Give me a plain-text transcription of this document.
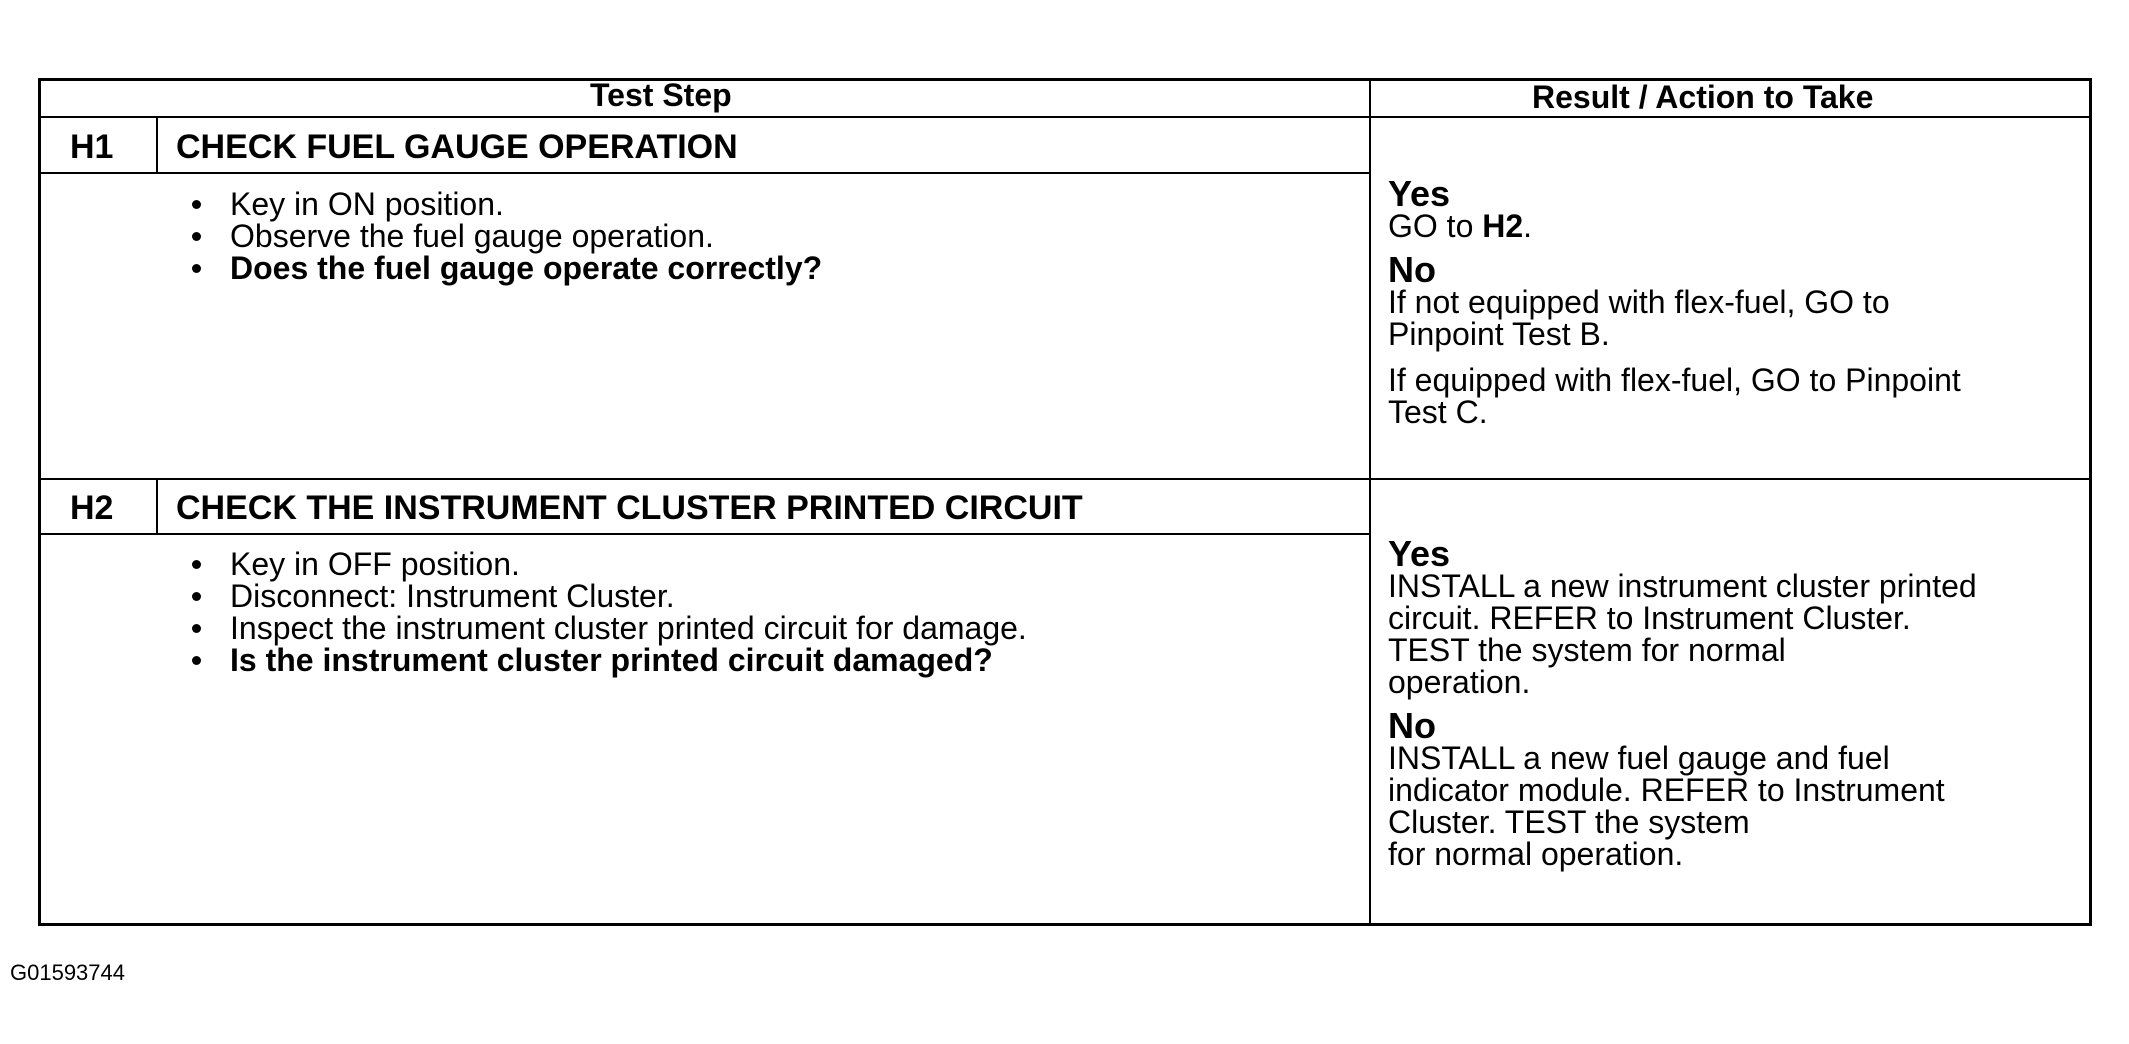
Test Step	Result / Action to Take
H1 CHECK FUEL GAUGE OPERATION
Key in ON position.
Observe the fuel gauge operation.
Does the fuel gauge operate correctly?

Yes

GO to H2.

No

If not equipped with flex-fuel, GO to

Pinpoint Test B.

If equipped with flex-fuel, GO to Pinpoint

Test C.

H2 CHECK THE INSTRUMENT CLUSTER PRINTED CIRCUIT
Key in OFF position.
Disconnect: Instrument Cluster.
Inspect the instrument cluster printed circuit for damage.
Is the instrument cluster printed circuit damaged?

Yes

INSTALL a new instrument cluster printed

circuit. REFER to Instrument Cluster.

TEST the system for normal

operation.

No

INSTALL a new fuel gauge and fuel

indicator module. REFER to Instrument

Cluster. TEST the system

for normal operation.

G01593744
